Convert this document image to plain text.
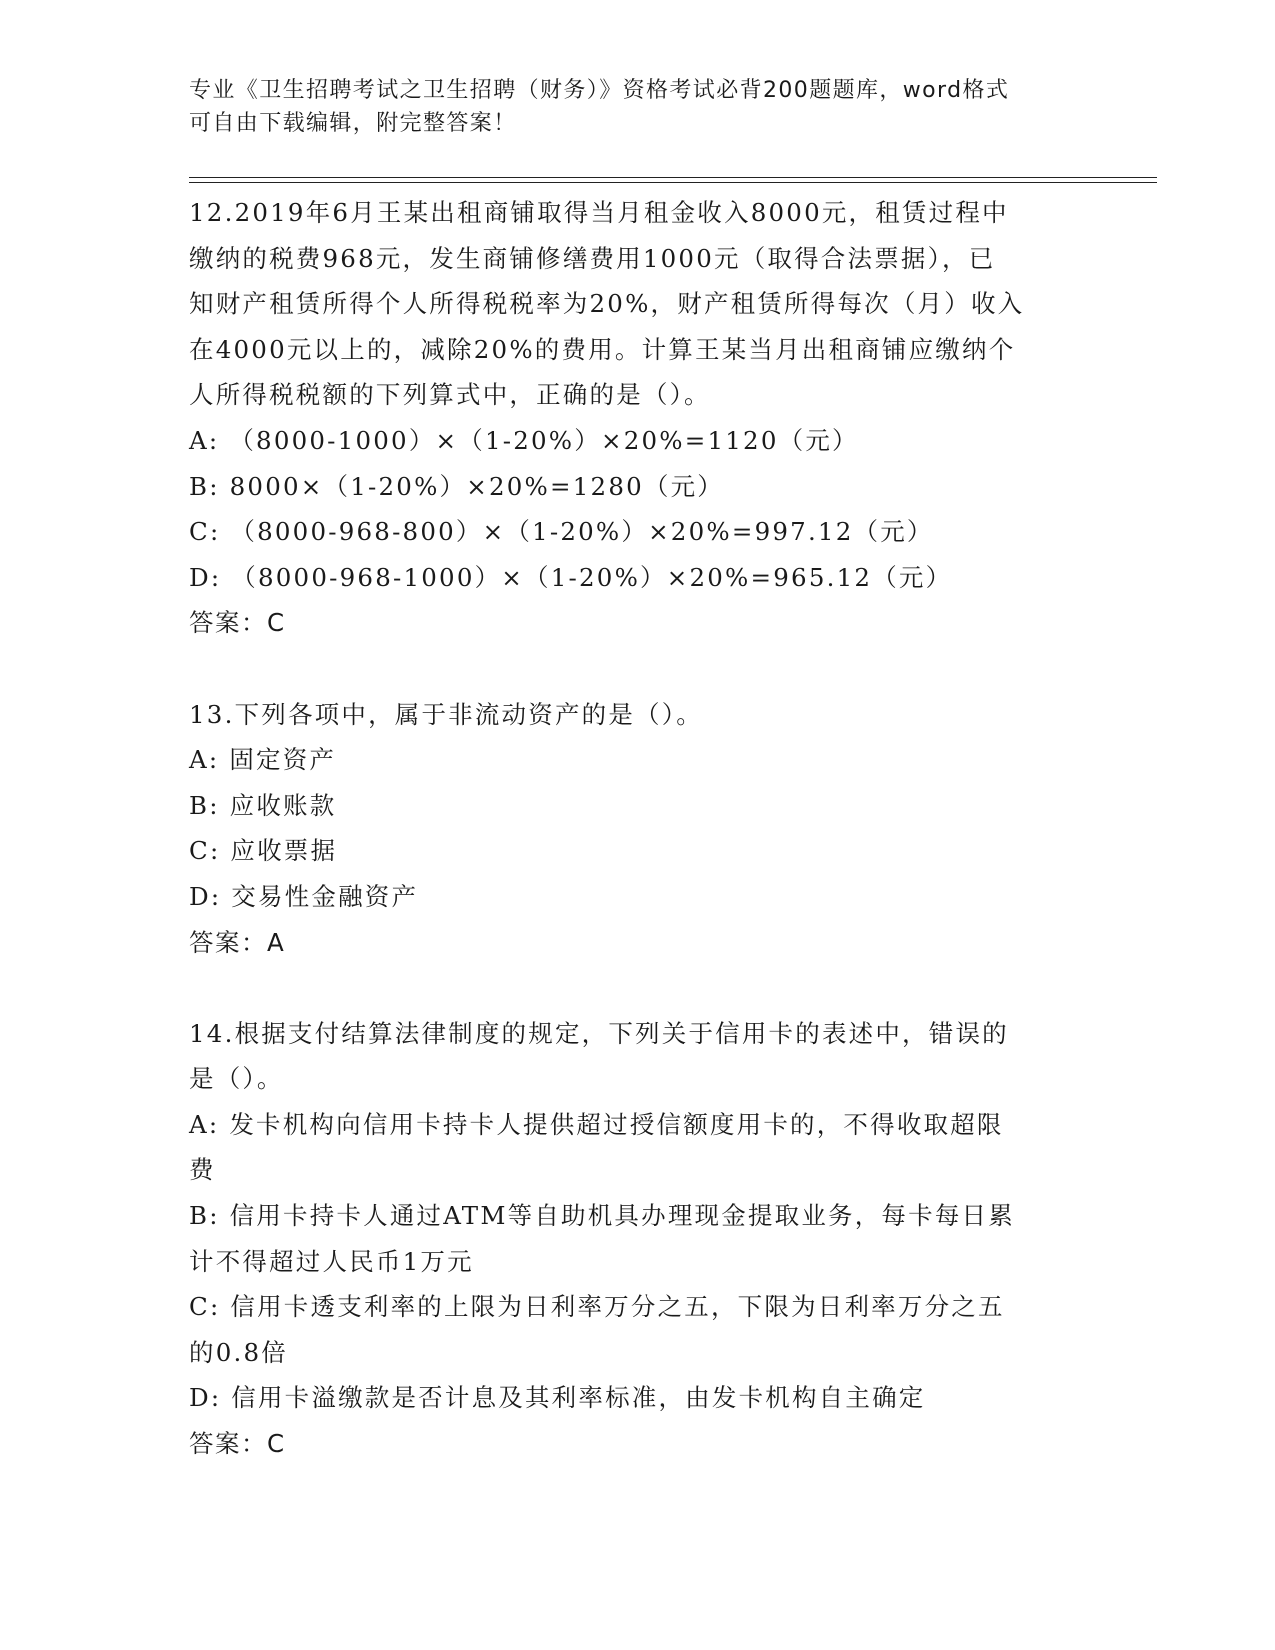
专业《卫生招聘考试之卫生招聘（财务）》资格考试必背200题题库，word格式
可自由下载编辑，附完整答案！
12.2019年6月王某出租商铺取得当月租金收入8000元，租赁过程中
缴纳的税费968元，发生商铺修缮费用1000元（取得合法票据），已
知财产租赁所得个人所得税税率为20%，财产租赁所得每次（月）收入
在4000元以上的，减除20%的费用。计算王某当月出租商铺应缴纳个
人所得税税额的下列算式中，正确的是（）。
A: （8000-1000）×（1-20%）×20%=1120（元）
B: 8000×（1-20%）×20%=1280（元）
C: （8000-968-800）×（1-20%）×20%=997.12（元）
D: （8000-968-1000）×（1-20%）×20%=965.12（元）
答案：C
13.下列各项中，属于非流动资产的是（）。
A: 固定资产
B: 应收账款
C: 应收票据
D: 交易性金融资产
答案：A
14.根据支付结算法律制度的规定，下列关于信用卡的表述中，错误的
是（）。
A: 发卡机构向信用卡持卡人提供超过授信额度用卡的，不得收取超限
费
B: 信用卡持卡人通过ATM等自助机具办理现金提取业务，每卡每日累
计不得超过人民币1万元
C: 信用卡透支利率的上限为日利率万分之五，下限为日利率万分之五
的0.8倍
D: 信用卡溢缴款是否计息及其利率标准，由发卡机构自主确定
答案：C
